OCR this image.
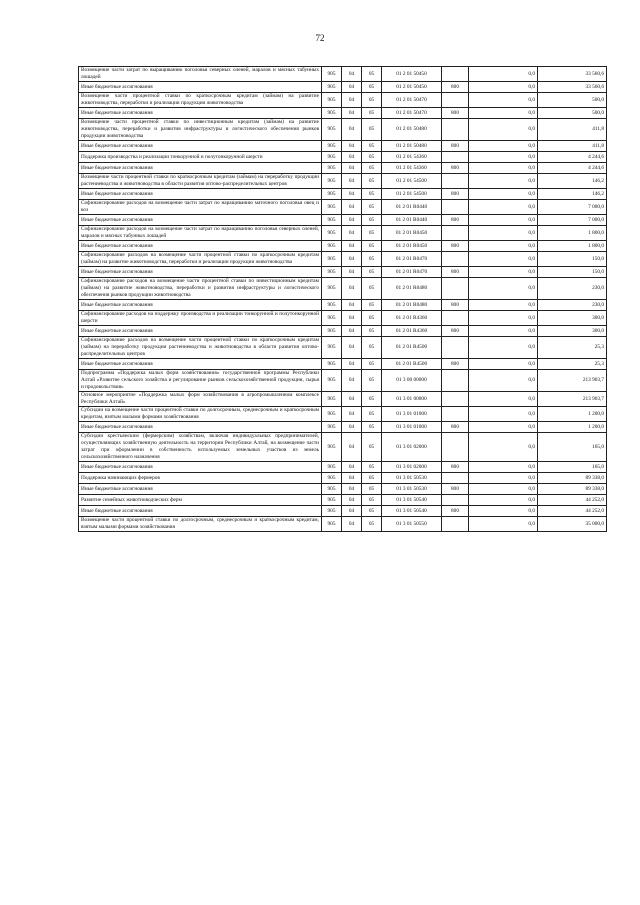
72
Возмещение части затрат по выращиванию поголовья северных оленей, маралов и мясных табунных лошадей	905	04	05	01 2 01 50450		0,0	33 560,6
Иные бюджетные ассигнования	905	04	05	01 2 01 50450	800	0,0	33 560,6
Возмещение части процентной ставки по краткосрочным кредитам (займам) на развитие животноводства, переработки и реализации продукции животноводства	905	04	05	01 2 01 50470		0,0	500,0
Иные бюджетные ассигнования	905	04	05	01 2 01 50470	800	0,0	500,0
Возмещение части процентной ставки по инвестиционным кредитам (займам) на развитие животноводства, переработки и развития инфраструктуры и логистического обеспечения рынков продукции животноводства	905	04	05	01 2 01 50480		0,0	411,8
Иные бюджетные ассигнования	905	04	05	01 2 01 50480	800	0,0	411,8
Поддержка производства и реализации тонкорунной и полутонкорунной шерсти	905	04	05	01 2 01 54360		0,0	4 244,6
Иные бюджетные ассигнования	905	04	05	01 2 01 54360	800	0,0	4 244,6
Возмещение части процентной ставки по краткосрочным кредитам (займам) на переработку продукции растениеводства и животноводства в области развития оптово-распределительных центров	905	04	05	01 2 01 54500		0,0	146,2
Иные бюджетные ассигнования	905	04	05	01 2 01 54500	800	0,0	146,2
Софинансирование расходов на возмещение части затрат по наращиванию маточного поголовья овец и коз	905	04	05	01 2 01 R0440		0,0	7 000,0
Иные бюджетные ассигнования	905	04	05	01 2 01 R0440	800	0,0	7 000,0
Софинансирование расходов на возмещение части затрат по наращиванию поголовья северных оленей, маралов и мясных табунных лошадей	905	04	05	01 2 01 R0450		0,0	1 800,0
Иные бюджетные ассигнования	905	04	05	01 2 01 R0450	800	0,0	1 800,0
Софинансирование расходов на возмещение части процентной ставки по краткосрочным кредитам (займам) на развитие животноводства, переработки и реализации продукции животноводства	905	04	05	01 2 01 R0470		0,0	150,0
Иные бюджетные ассигнования	905	04	05	01 2 01 R0470	800	0,0	150,0
Софинансирование расходов на возмещение части процентной ставки по инвестиционным кредитам (займам) на развитие животноводства, переработки и развития инфраструктуры и логистического обеспечения рынков продукции животноводства	905	04	05	01 2 01 R0480		0,0	230,0
Иные бюджетные ассигнования	905	04	05	01 2 01 R0480	800	0,0	230,0
Софинансирование расходов на поддержку производства и реализации тонкорунной и полутонкорунной шерсти	905	04	05	01 2 01 R4360		0,0	300,0
Иные бюджетные ассигнования	905	04	05	01 2 01 R4360	800	0,0	300,0
Софинансирование расходов на возмещение части процентной ставки по краткосрочным кредитам (займам) на переработку продукции растениеводства и животноводства в области развития оптово-распределительных центров	905	04	05	01 2 01 R4500		0,0	25,3
Иные бюджетные ассигнования	905	04	05	01 2 01 R4500	800	0,0	25,3
Подпрограмма «Поддержка малых форм хозяйствования» государственной программы Республики Алтай «Развитие сельского хозяйства и регулирование рынков сельскохозяйственной продукции, сырья и продовольствия»	905	04	05	01 3 00 00000		0,0	213 903,7
Основное мероприятие «Поддержка малых форм хозяйствования в агропромышленном комплексе Республики Алтай»	905	04	05	01 3 01 00000		0,0	213 903,7
Субсидии на возмещение части процентной ставки по долгосрочным, среднесрочным и краткосрочным кредитам, взятым малыми формами хозяйствования	905	04	05	01 3 01 01000		0,0	1 200,0
Иные бюджетные ассигнования	905	04	05	01 3 01 01000	800	0,0	1 200,0
Субсидии крестьянским (фермерским) хозяйствам, включая индивидуальных предпринимателей, осуществляющих хозяйственную деятельность на территории Республики Алтай, на возмещение части затрат при оформлении в собственность используемых земельных участков из земель сельскохозяйственного назначения	905	04	05	01 3 01 02000		0,0	165,0
Иные бюджетные ассигнования	905	04	05	01 3 01 02000	800	0,0	165,0
Поддержка начинающих фермеров	905	04	05	01 3 01 50530		0,0	89 338,0
Иные бюджетные ассигнования	905	04	05	01 3 01 50530	800	0,0	89 338,0
Развитие семейных животноводческих ферм	905	04	05	01 3 01 50540		0,0	44 252,0
Иные бюджетные ассигнования	905	04	05	01 3 01 50540	800	0,0	44 252,0
Возмещение части процентной ставки по долгосрочным, среднесрочным и краткосрочным кредитам, взятым малыми формами хозяйствования	905	04	05	01 3 01 50550		0,0	35 000,0
